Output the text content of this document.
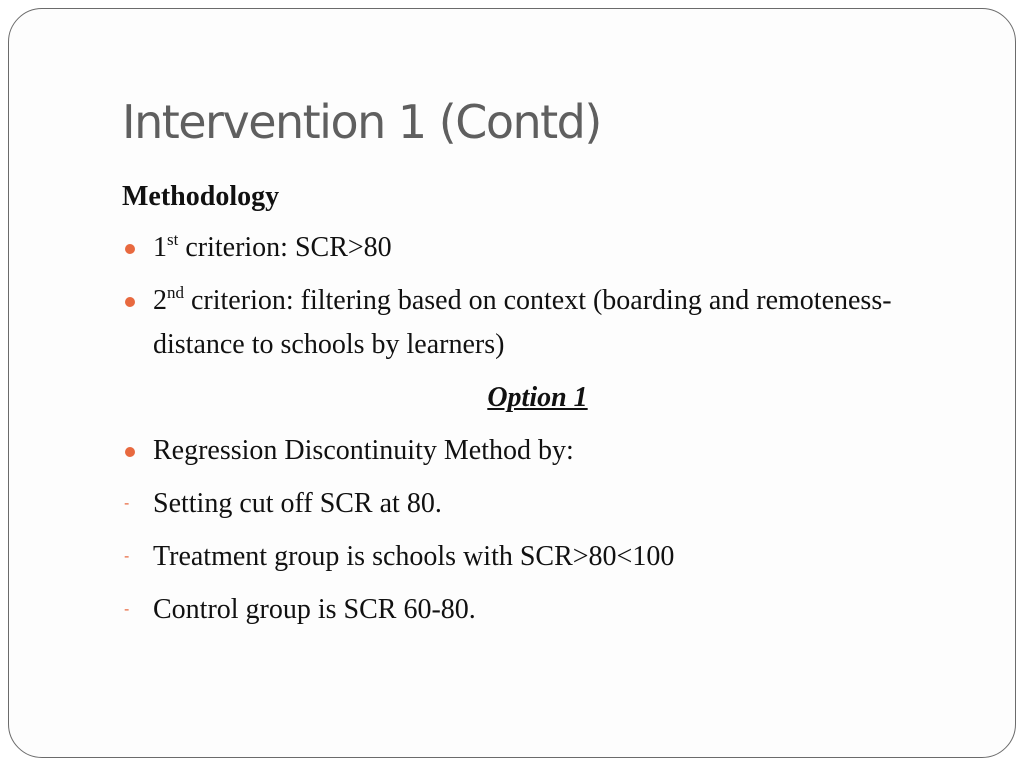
Intervention 1 (Contd)
Methodology
1st criterion: SCR>80
2nd criterion: filtering based on context (boarding and remoteness- distance to schools by learners)
Option 1
Regression Discontinuity Method by:
- Setting cut off SCR at 80.
- Treatment group is schools with SCR>80<100
- Control group is SCR 60-80.
